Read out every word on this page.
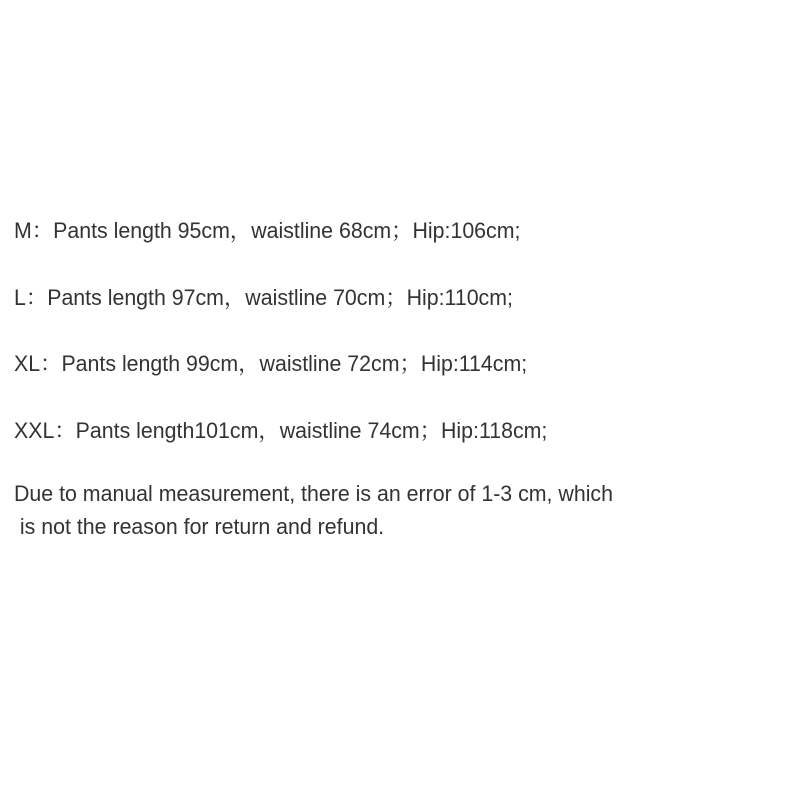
M：Pants length 95cm，waistline 68cm；Hip:106cm;
L：Pants length 97cm，waistline 70cm；Hip:110cm;
XL：Pants length 99cm，waistline 72cm；Hip:114cm;
XXL：Pants length101cm，waistline 74cm；Hip:118cm;
Due to manual measurement, there is an error of 1-3 cm, which
is not the reason for return and refund.
